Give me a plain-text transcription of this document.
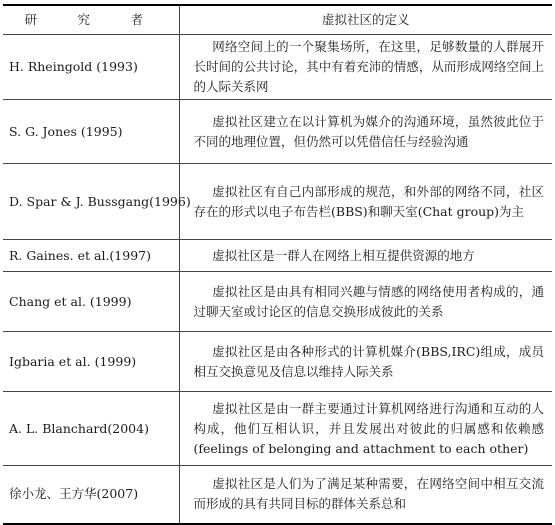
研　究　者	虚拟社区的定义
H. Rheingold (1993)	网络空间上的一个聚集场所，在这里，足够数量的人群展开长时间的公共讨论，其中有着充沛的情感，从而形成网络空间上的人际关系网

S. G. Jones (1995)	虚拟社区建立在以计算机为媒介的沟通环境，虽然彼此位于不同的地理位置，但仍然可以凭借信任与经验沟通

D. Spar & J. Bussgang(1996)	虚拟社区有自己内部形成的规范，和外部的网络不同，社区存在的形式以电子布告栏(BBS)和聊天室(Chat group)为主

R. Gaines. et al.(1997)	虚拟社区是一群人在网络上相互提供资源的地方

Chang et al. (1999)	虚拟社区是由具有相同兴趣与情感的网络使用者构成的，通过聊天室或讨论区的信息交换形成彼此的关系

Igbaria et al. (1999)	虚拟社区是由各种形式的计算机媒介(BBS,IRC)组成，成员相互交换意见及信息以维持人际关系

A. L. Blanchard(2004)	虚拟社区是由一群主要通过计算机网络进行沟通和互动的人构成，他们互相认识，并且发展出对彼此的归属感和依赖感(feelings of belonging and attachment to each other)

徐小龙、王方华(2007)	虚拟社区是人们为了满足某种需要，在网络空间中相互交流而形成的具有共同目标的群体关系总和
